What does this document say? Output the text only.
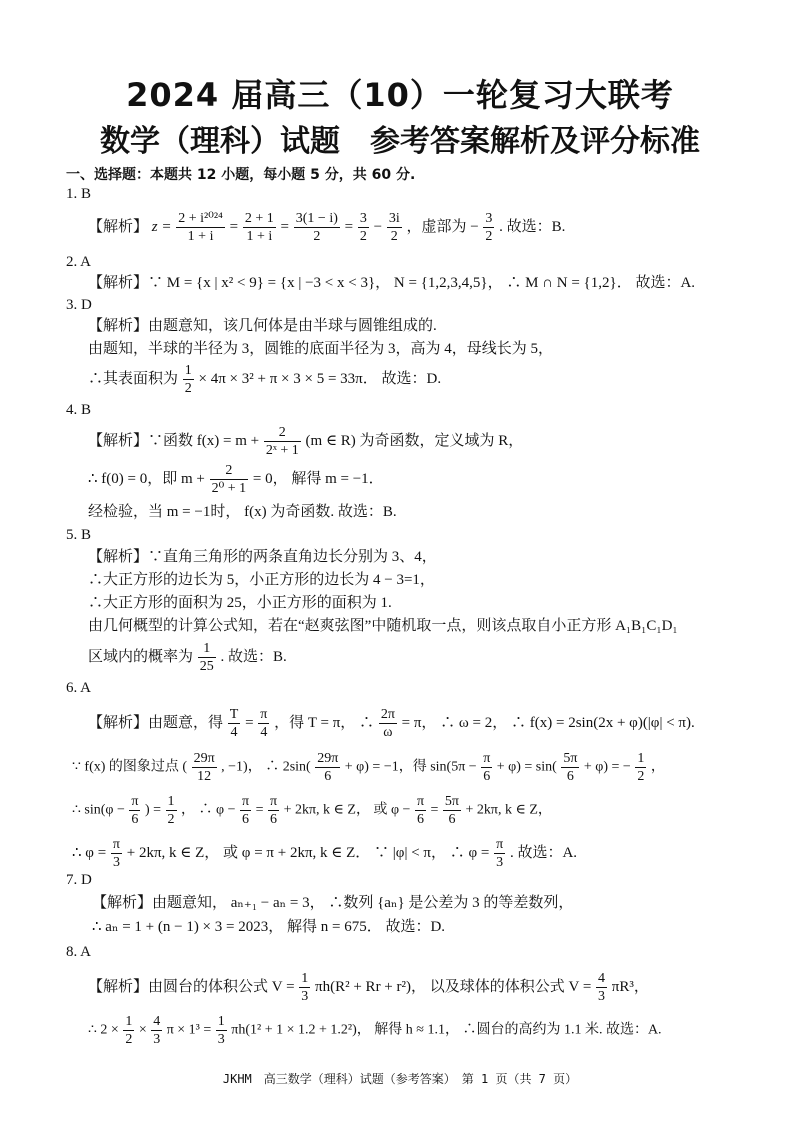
2024 届高三（10）一轮复习大联考
数学（理科）试题　参考答案解析及评分标准
一、选择题：本题共 12 小题，每小题 5 分，共 60 分.
1. B
【解析】 $z = \frac{\text{2 + i²⁰²⁴}}{1 + i} = \frac{2 + 1}{1 + i} = \frac{3(1 - i)}{2} = \frac{3}{2} - \frac{3i}{2}$ ，虚部为 − $\frac{3}{2}$ . 故选：B.
2. A
【解析】∵ M = {x | x² < 9} = {x | −3 < x < 3}， N = {1,2,3,4,5}， ∴ M ∩ N = {1,2}． 故选：A.
3. D
【解析】由题意知，该几何体是由半球与圆锥组成的.
由题知，半球的半径为 3，圆锥的底面半径为 3，高为 4，母线长为 5，
∴其表面积为 $\frac{1}{2} \times 4\pi \times 3^2 + \pi \times 3 \times 5 = 33\pi$． 故选：D.
4. B
【解析】∵函数 $f(x) = m + \frac{2}{\text{2ˣ + 1}} (m$ ∈ R) 为奇函数，定义域为 R，
∴ f(0) = 0，即 $m + \frac{2}{\text{2⁰ + 1}} = 0$， 解得 m = −1．
经检验，当 m = −1时， f(x) 为奇函数. 故选：B.
5. B
【解析】∵直角三角形的两条直角边长分别为 3、4，
∴大正方形的边长为 5，小正方形的边长为 4 − 3=1，
∴大正方形的面积为 25，小正方形的面积为 1.
由几何概型的计算公式知，若在“赵爽弦图”中随机取一点，则该点取自小正方形 A₁B₁C₁D₁
区域内的概率为 $\frac{1}{25}$ . 故选：B.
6. A
【解析】由题意，得 $\frac{T}{4} = \frac{\pi}{4}$ ，得 T = π， ∴ $\frac{2\pi}{\omega} = \pi$， ∴ ω = 2， ∴ f(x) = 2sin(2x + φ)(|φ| < π).
∵ f(x) 的图象过点 ( $\frac{29\pi}{12}$ , −1)， ∴ $2\sin( \frac{29\pi}{6} + \varphi) = -1$，得 $\sin(5\pi - \frac{\pi}{6} + \varphi) = \sin( \frac{5\pi}{6} + \varphi)$ = − $\frac{1}{2}$ ，
∴ $\sin(\varphi - \frac{\pi}{6}$ ) = $\frac{1}{2}$ ， ∴ $\varphi - \frac{\pi}{6} = \frac{\pi}{6} + 2k\pi$, k ∈ Z， 或 $\varphi - \frac{\pi}{6} = \frac{5\pi}{6} + 2k\pi$, k ∈ Z，
∴ $\varphi = \frac{\pi}{3} + 2k\pi$, k ∈ Z， 或 φ = π + 2kπ, k ∈ Z． ∵ |φ| < π， ∴ $\varphi = \frac{\pi}{3}$ . 故选：A.
7. D
【解析】由题意知， aₙ₊₁ − aₙ = 3， ∴数列 {aₙ} 是公差为 3 的等差数列，
∴ aₙ = 1 + (n − 1) × 3 = 2023， 解得 n = 675． 故选：D.
8. A
【解析】由圆台的体积公式 $V = \frac{1}{3} \pi h(R^2 + Rr + r^2)$， 以及球体的体积公式 $V = \frac{4}{3} \pi R^3$，
∴ $2 \times \frac{1}{2} \times \frac{4}{3}$ $\pi \times 1^3 = \frac{1}{3} \pi h(1^2 + 1 \times 1.2 + 1.2^2)$， 解得 h ≈ 1.1， ∴圆台的高约为 1.1 米. 故选：A.
JKHM　高三数学（理科）试题（参考答案）　第 1 页（共 7 页）
